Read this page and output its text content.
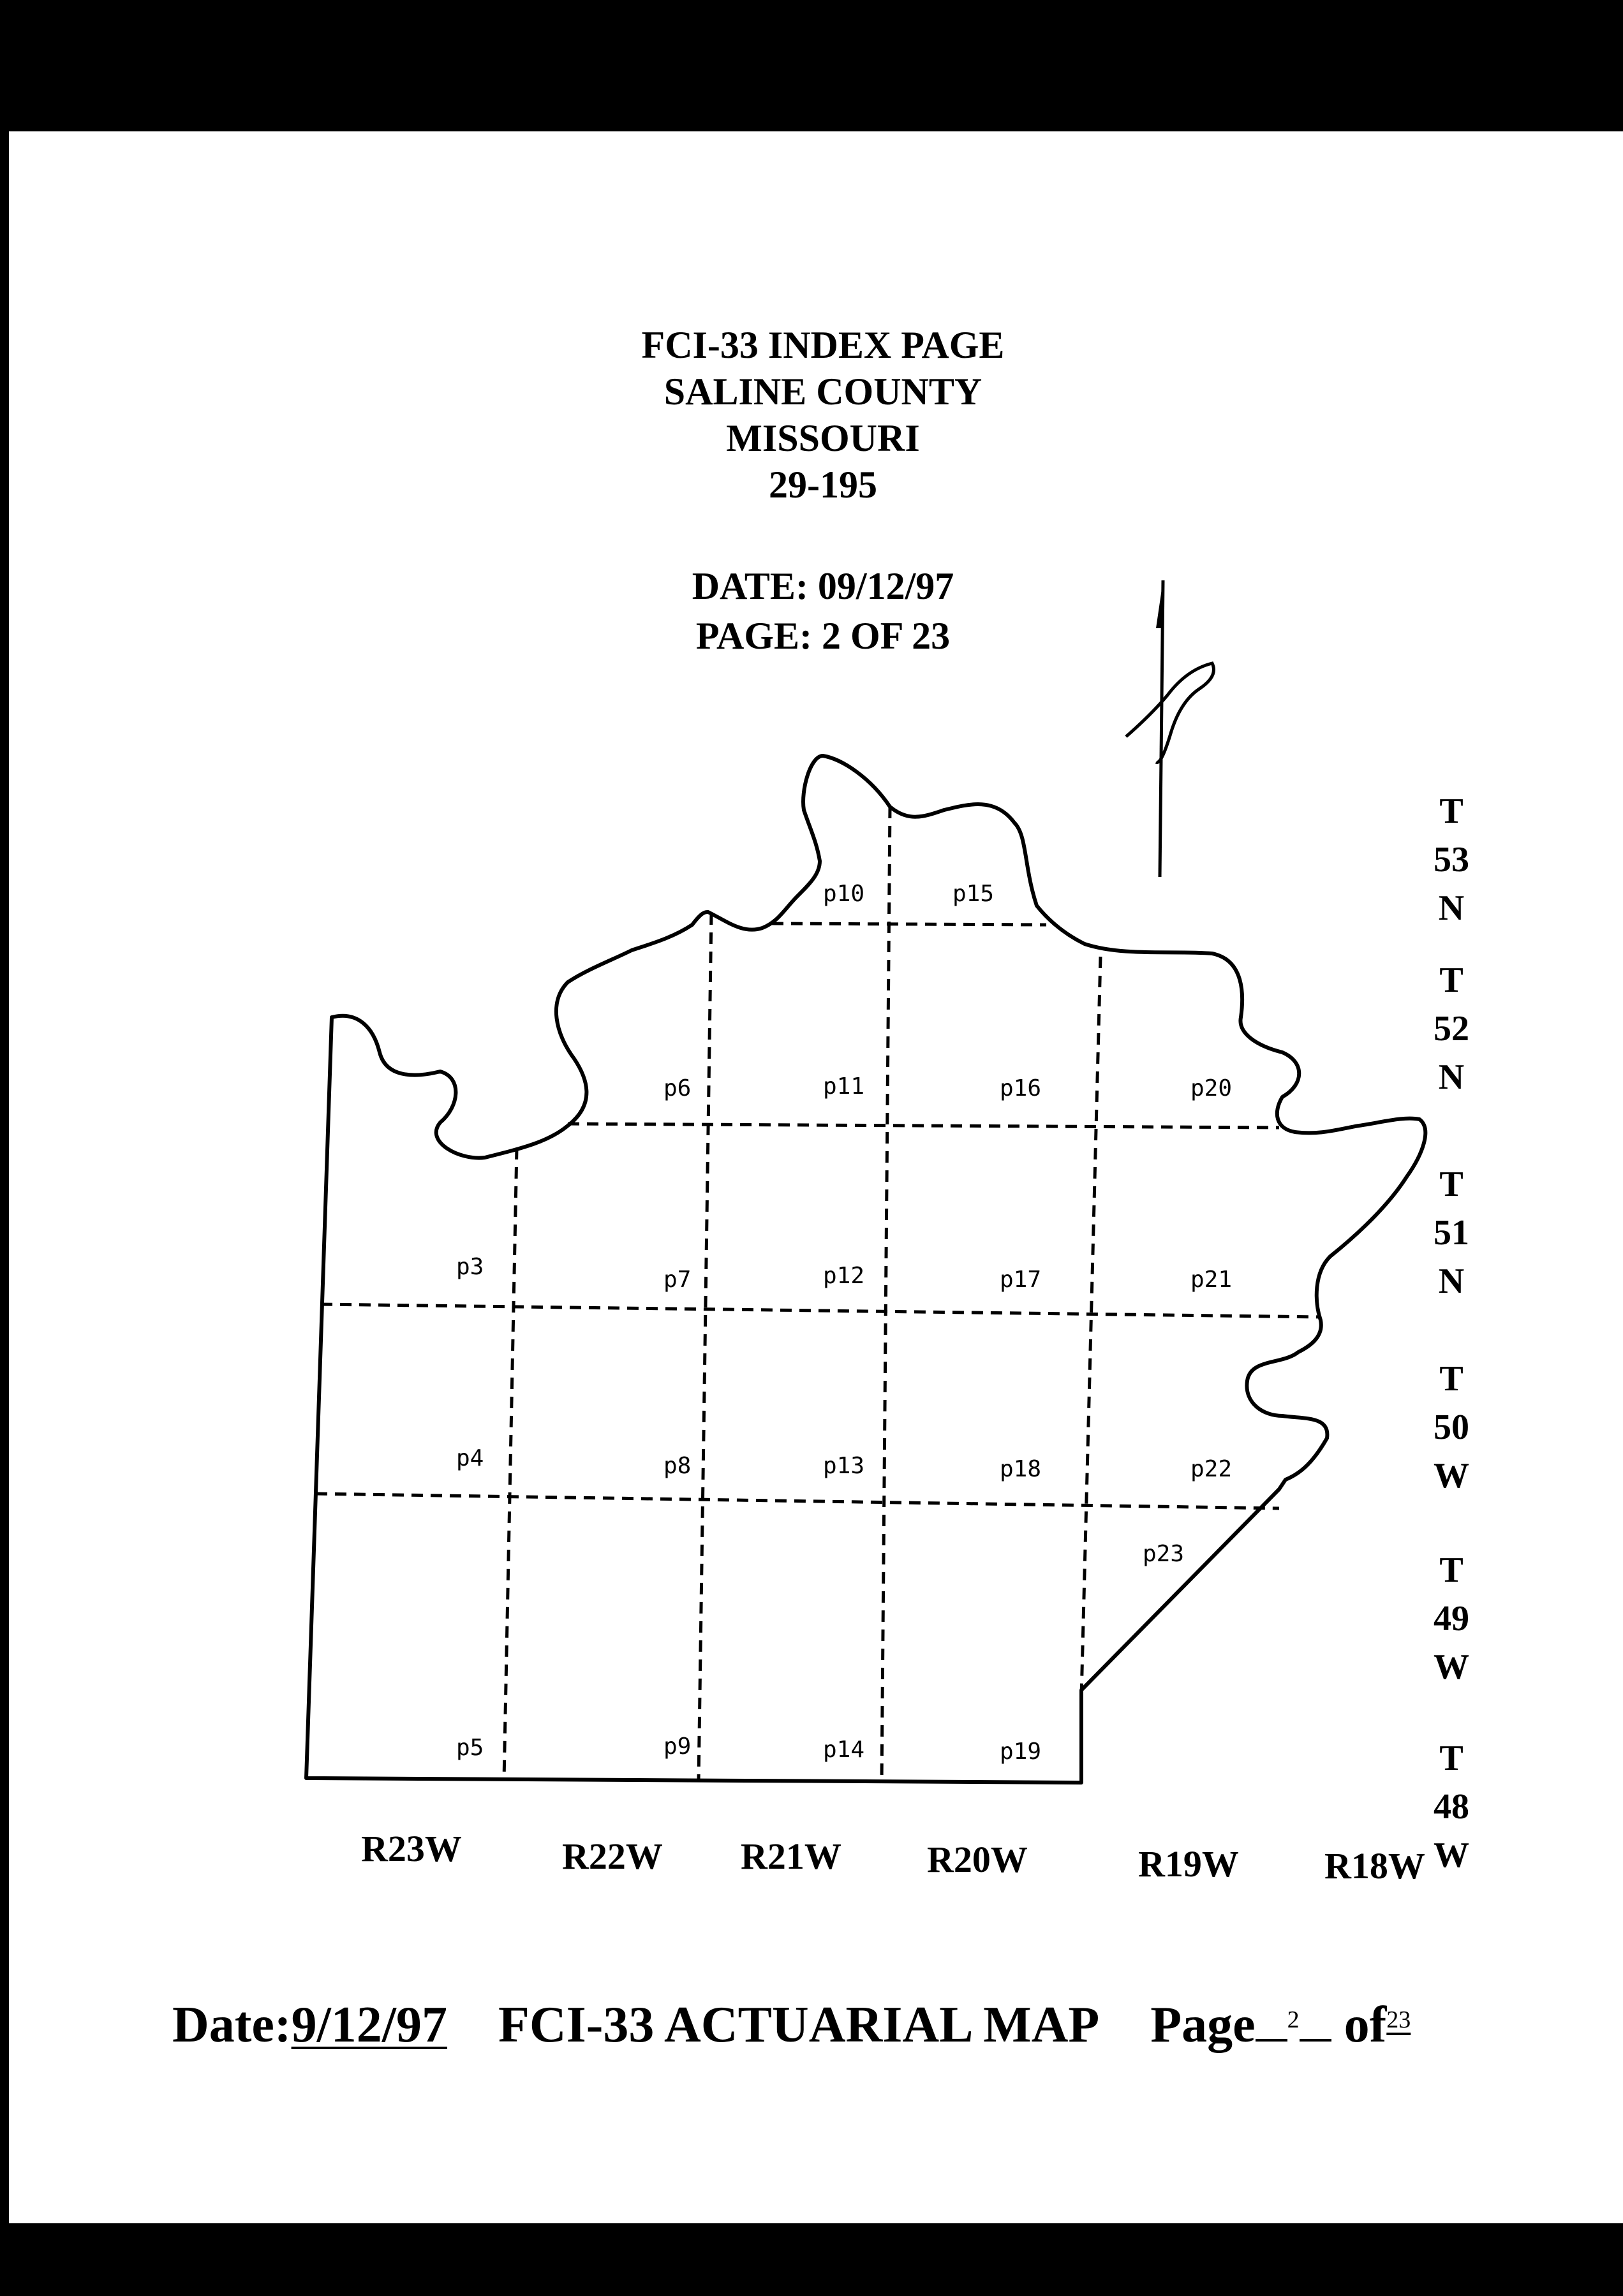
FCI-33 INDEX PAGE
SALINE COUNTY
MISSOURI
29-195
DATE: 09/12/97
PAGE: 2 OF 23
p3
p4
p5
p6
p7
p8
p9
p10
p11
p12
p13
p14
p15
p16
p17
p18
p19
p20
p21
p22
p23
T
53
N
T
52
N
T
51
N
T
50
W
T
49
W
T
48
W
R23W	R22W R21W R20W	R19W R18W
Date:9/12/97 FCI-33 ACTUARIAL MAP Page 2 of23
